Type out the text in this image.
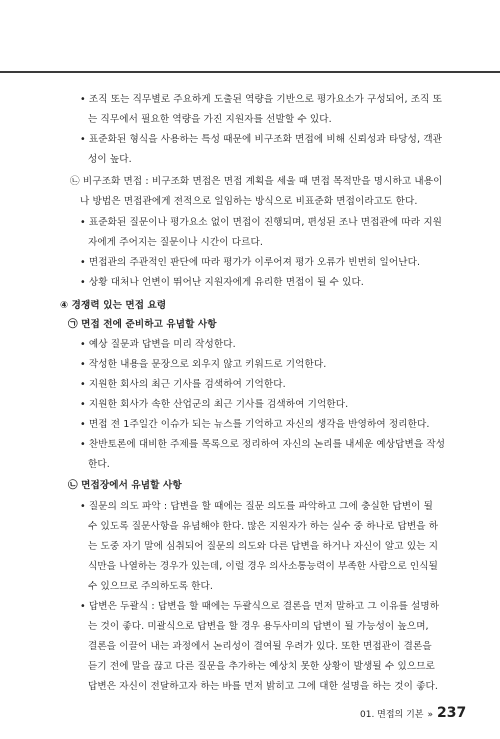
• 조직 또는 직무별로 주요하게 도출된 역량을 기반으로 평가요소가 구성되어, 조직 또
는 직무에서 필요한 역량을 가진 지원자를 선발할 수 있다.
• 표준화된 형식을 사용하는 특성 때문에 비구조화 면접에 비해 신뢰성과 타당성, 객관
성이 높다.
㉡ 비구조화 면접 : 비구조화 면접은 면접 계획을 세울 때 면접 목적만을 명시하고 내용이
나 방법은 면접관에게 전적으로 일임하는 방식으로 비표준화 면접이라고도 한다.
• 표준화된 질문이나 평가요소 없이 면접이 진행되며, 편성된 조나 면접관에 따라 지원
자에게 주어지는 질문이나 시간이 다르다.
• 면접관의 주관적인 판단에 따라 평가가 이루어져 평가 오류가 빈번히 일어난다.
• 상황 대처나 언변이 뛰어난 지원자에게 유리한 면접이 될 수 있다.
④ 경쟁력 있는 면접 요령
㉠ 면접 전에 준비하고 유념할 사항
• 예상 질문과 답변을 미리 작성한다.
• 작성한 내용을 문장으로 외우지 않고 키워드로 기억한다.
• 지원한 회사의 최근 기사를 검색하여 기억한다.
• 지원한 회사가 속한 산업군의 최근 기사를 검색하여 기억한다.
• 면접 전 1주일간 이슈가 되는 뉴스를 기억하고 자신의 생각을 반영하여 정리한다.
• 찬반토론에 대비한 주제를 목록으로 정리하여 자신의 논리를 내세운 예상답변을 작성
한다.
㉡ 면접장에서 유념할 사항
• 질문의 의도 파악 : 답변을 할 때에는 질문 의도를 파악하고 그에 충실한 답변이 될
수 있도록 질문사항을 유념해야 한다. 많은 지원자가 하는 실수 중 하나로 답변을 하
는 도중 자기 말에 심취되어 질문의 의도와 다른 답변을 하거나 자신이 알고 있는 지
식만을 나열하는 경우가 있는데, 이럴 경우 의사소통능력이 부족한 사람으로 인식될
수 있으므로 주의하도록 한다.
• 답변은 두괄식 : 답변을 할 때에는 두괄식으로 결론을 먼저 말하고 그 이유를 설명하
는 것이 좋다. 미괄식으로 답변을 할 경우 용두사미의 답변이 될 가능성이 높으며,
결론을 이끌어 내는 과정에서 논리성이 결여될 우려가 있다. 또한 면접관이 결론을
듣기 전에 말을 끊고 다른 질문을 추가하는 예상치 못한 상황이 발생될 수 있으므로
답변은 자신이 전달하고자 하는 바를 먼저 밝히고 그에 대한 설명을 하는 것이 좋다.
01. 면접의 기본 » 237
